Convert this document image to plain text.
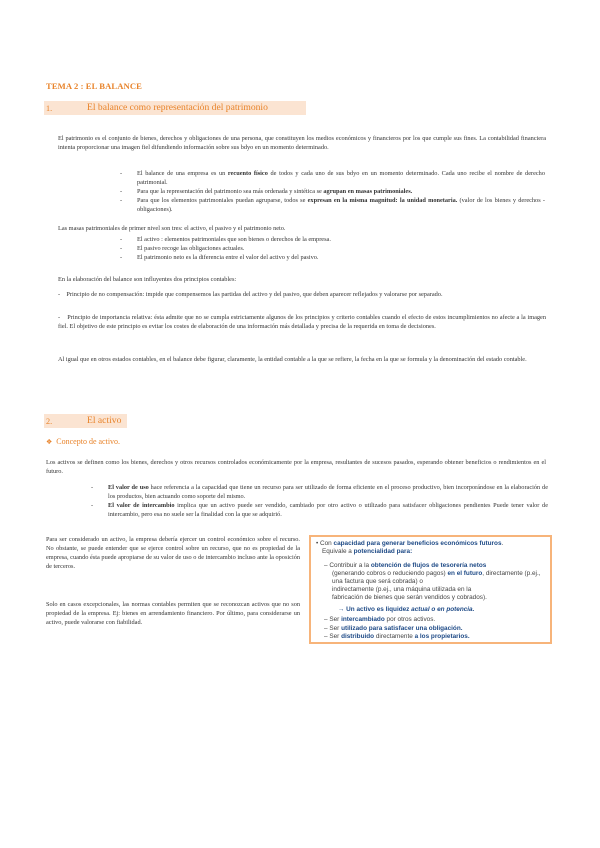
TEMA 2 : EL BALANCE
1.	El balance como representación del patrimonio
El patrimonio es el conjunto de bienes, derechos y obligaciones de una persona, que constituyen los medios económicos y financieros por los que cumple sus fines. La contabilidad financiera intenta proporcionar una imagen fiel difundiendo información sobre sus bdyo en un momento determinado.
- El balance de una empresa es un recuento físico de todos y cada uno de sus bdyo en un momento determinado. Cada uno recibe el nombre de derecho patrimonial.
- Para que la representación del patrimonio sea más ordenada y sintética se agrupan en masas patrimoniales.
- Para que los elementos patrimoniales puedan agruparse, todos se expresan en la misma magnitud: la unidad monetaria. (valor de los bienes y derechos - obligaciones).
Las masas patrimoniales de primer nivel son tres: el activo, el pasivo y el patrimonio neto.
- El activo : elementos patrimoniales que son bienes o derechos de la empresa.
- El pasivo recoge las obligaciones actuales.
- El patrimonio neto es la diferencia entre el valor del activo y del pasivo.
En la elaboración del balance son influyentes dos principios contables:
-    Principio de no compensación: impide que compensemos las partidas del activo y del pasivo, que deben aparecer reflejados y valorarse por separado.
-    Principio de importancia relativa: ésta admite que no se cumpla estrictamente algunos de los principios y criterio contables cuando el efecto de estos incumplimientos no afecte a la imagen fiel. El objetivo de este principio es evitar los costes de elaboración de una información más detallada y precisa de la requerida en toma de decisiones.
Al igual que en otros estados contables, en el balance debe figurar, claramente, la entidad contable a la que se refiere, la fecha en la que se formula y la denominación del estado contable.
2.	El activo
❖ Concepto de activo.
Los activos se definen como los bienes, derechos y otros recursos controlados económicamente por la empresa, resultantes de sucesos pasados, esperando obtener beneficios o rendimientos en el futuro.
- El valor de uso hace referencia a la capacidad que tiene un recurso para ser utilizado de forma eficiente en el proceso productivo, bien incorporándose en la elaboración de los productos, bien actuando como soporte del mismo.
- El valor de intercambio implica que un activo puede ser vendido, cambiado por otro activo o utilizado para satisfacer obligaciones pendientes Puede tener valor de intercambio, pero esa no suele ser la finalidad con la que se adquirió.
Para ser considerado un activo, la empresa debería ejercer un control económico sobre el recurso. No obstante, se puede entender que se ejerce control sobre un recurso, que no es propiedad de la empresa, cuando ésta puede apropiarse de su valor de uso o de intercambio incluso ante la oposición de terceros.
Solo en casos excepcionales, las normas contables permiten que se reconozcan activos que no son propiedad de la empresa. Ej: bienes en arrendamiento financiero. Por último, para considerarse un activo, puede valorarse con fiabilidad.
• Con capacidad para generar beneficios económicos futuros.
Equivale a potencialidad para:
– Contribuir a la obtención de flujos de tesorería netos
(generando cobros o reduciendo pagos) en el futuro, directamente (p.ej., una factura que será cobrada) o
indirectamente (p.ej., una máquina utilizada en la
fabricación de bienes que serán vendidos y cobrados).
→ Un activo es liquidez actual o en potencia.
– Ser intercambiado por otros activos.
– Ser utilizado para satisfacer una obligación.
– Ser distribuido directamente a los propietarios.
